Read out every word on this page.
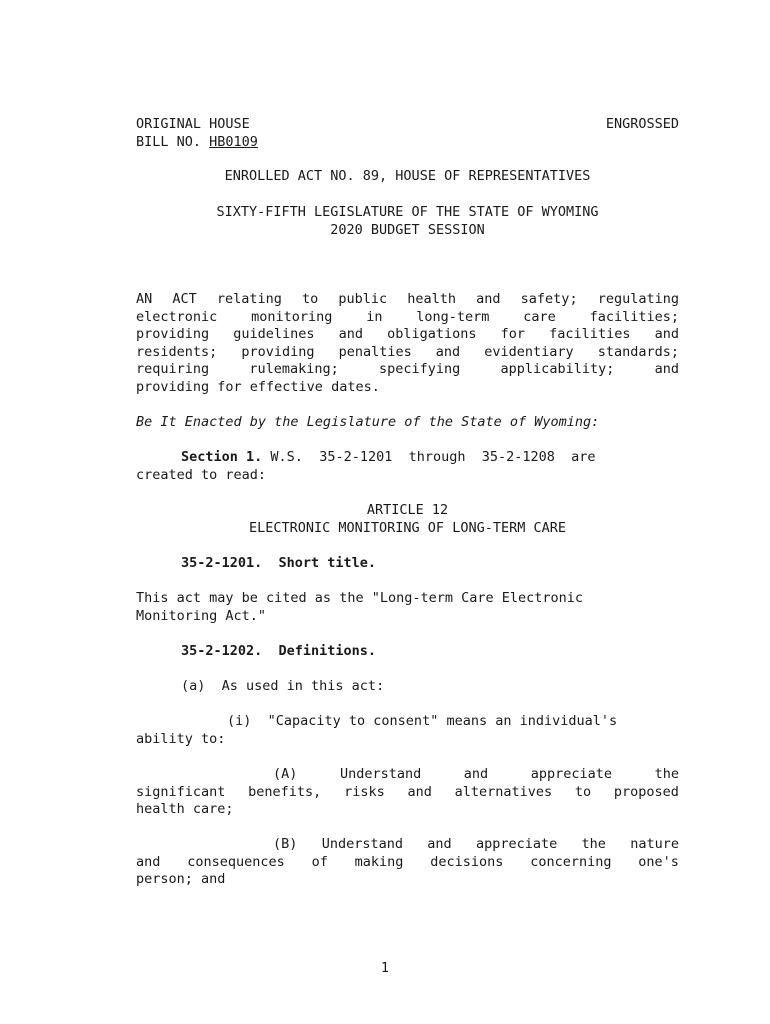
ORIGINAL HOUSE	ENGROSSED
BILL NO. HB0109
ENROLLED ACT NO. 89, HOUSE OF REPRESENTATIVES
SIXTY-FIFTH LEGISLATURE OF THE STATE OF WYOMING
2020 BUDGET SESSION
AN ACT relating to public health and safety; regulating
electronic	monitoring	in	long-term	care	facilities;
providing guidelines and obligations for facilities and
residents; providing penalties and evidentiary standards;
requiring	rulemaking;	specifying	applicability;	and
providing for effective dates.
Be It Enacted by the Legislature of the State of Wyoming:
Section 1. W.S.  35-2-1201  through  35-2-1208  are
created to read:
ARTICLE 12
ELECTRONIC MONITORING OF LONG-TERM CARE
35-2-1201.  Short title.
This act may be cited as the "Long-term Care Electronic
Monitoring Act."
35-2-1202.  Definitions.
(a)  As used in this act:
(i)  "Capacity to consent" means an individual's
ability to:
(A)	Understand	and	appreciate	the
significant benefits, risks and alternatives to proposed
health care;
(B) Understand and appreciate the nature
and consequences of making decisions concerning one's
person; and
1
